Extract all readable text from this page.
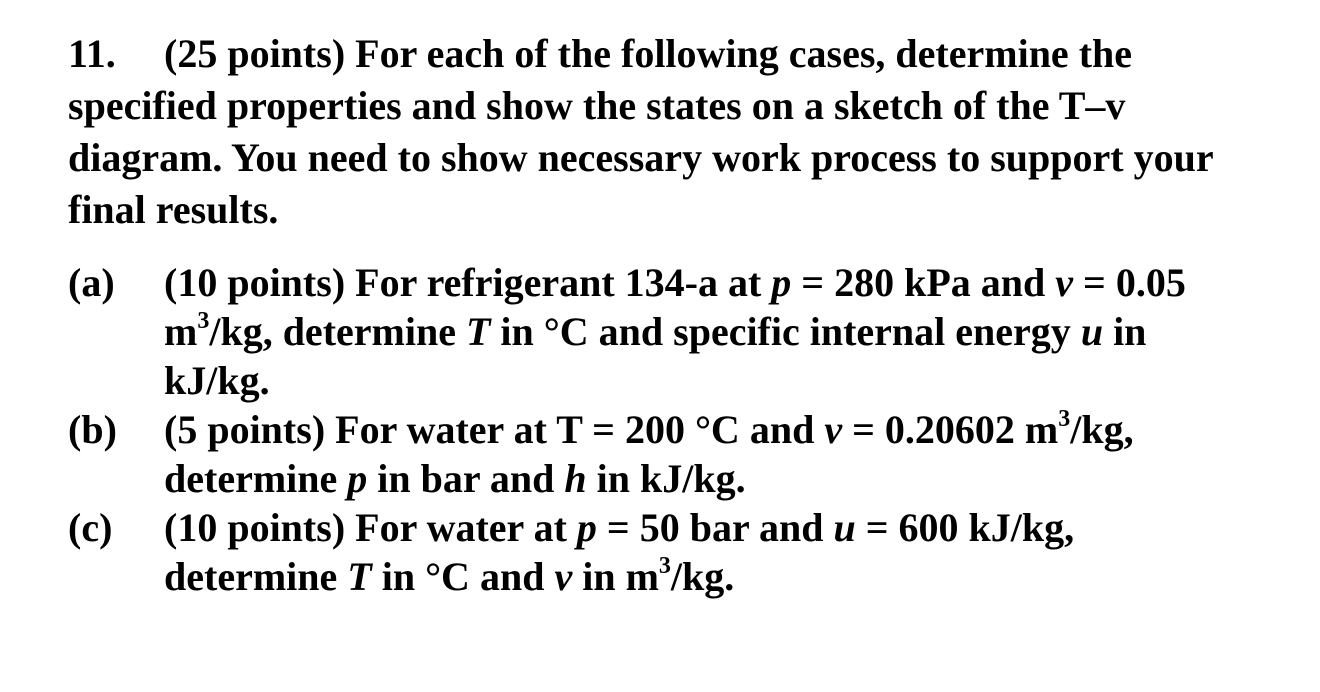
11. (25 points) For each of the following cases, determine the
specified properties and show the states on a sketch of the T–v
diagram. You need to show necessary work process to support your
final results.
(a) (10 points) For refrigerant 134-a at p = 280 kPa and v = 0.05
$m^3/kg$, determine T in °C and specific internal energy u in
kJ/kg.
(b) (5 points) For water at T = 200 °C and v = 0.20602 $m^3/kg$,
determine p in bar and h in kJ/kg.
(c) (10 points) For water at p = 50 bar and u = 600 kJ/kg,
determine T in °C and v in $m^3/kg$.
